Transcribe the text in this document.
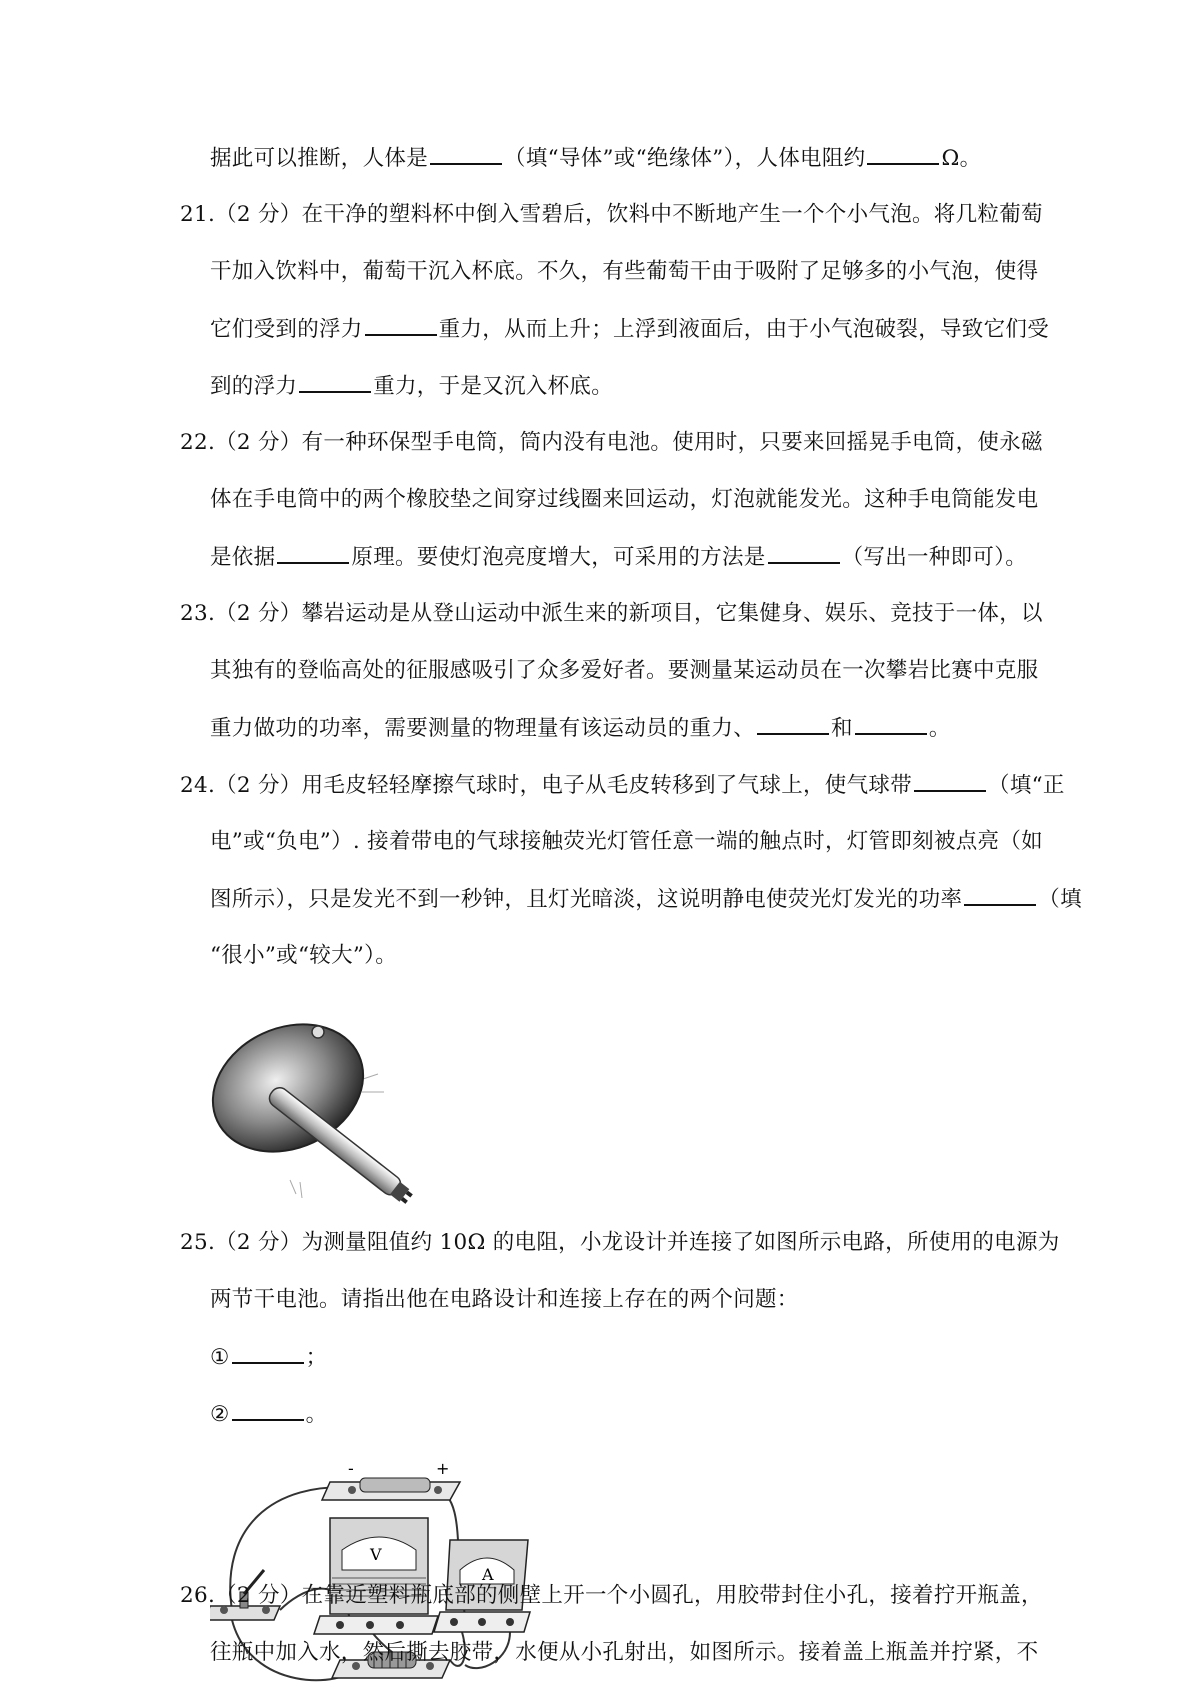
据此可以推断，人体是	（填“导体”或“绝缘体”），人体电阻约	Ω。
21.（2 分）在干净的塑料杯中倒入雪碧后，饮料中不断地产生一个个小气泡。将几粒葡萄
干加入饮料中，葡萄干沉入杯底。不久，有些葡萄干由于吸附了足够多的小气泡，使得
它们受到的浮力	重力，从而上升；上浮到液面后，由于小气泡破裂，导致它们受
到的浮力	重力，于是又沉入杯底。
22.（2 分）有一种环保型手电筒，筒内没有电池。使用时，只要来回摇晃手电筒，使永磁
体在手电筒中的两个橡胶垫之间穿过线圈来回运动，灯泡就能发光。这种手电筒能发电
是依据	原理。要使灯泡亮度增大，可采用的方法是	（写出一种即可）。
23.（2 分）攀岩运动是从登山运动中派生来的新项目，它集健身、娱乐、竞技于一体，以
其独有的登临高处的征服感吸引了众多爱好者。要测量某运动员在一次攀岩比赛中克服
重力做功的功率，需要测量的物理量有该运动员的重力、	和	。
24.（2 分）用毛皮轻轻摩擦气球时，电子从毛皮转移到了气球上，使气球带	（填“正
电”或“负电”）. 接着带电的气球接触荧光灯管任意一端的触点时，灯管即刻被点亮（如
图所示），只是发光不到一秒钟，且灯光暗淡，这说明静电使荧光灯发光的功率	（填
“很小”或“较大”）。
25.（2 分）为测量阻值约 10Ω 的电阻，小龙设计并连接了如图所示电路，所使用的电源为
两节干电池。请指出他在电路设计和连接上存在的两个问题：
①	；
②	。
-	+
V
A
26.（2 分）在靠近塑料瓶底部的侧壁上开一个小圆孔，用胶带封住小孔，接着拧开瓶盖，
往瓶中加入水，然后撕去胶带，水便从小孔射出，如图所示。接着盖上瓶盖并拧紧，不
